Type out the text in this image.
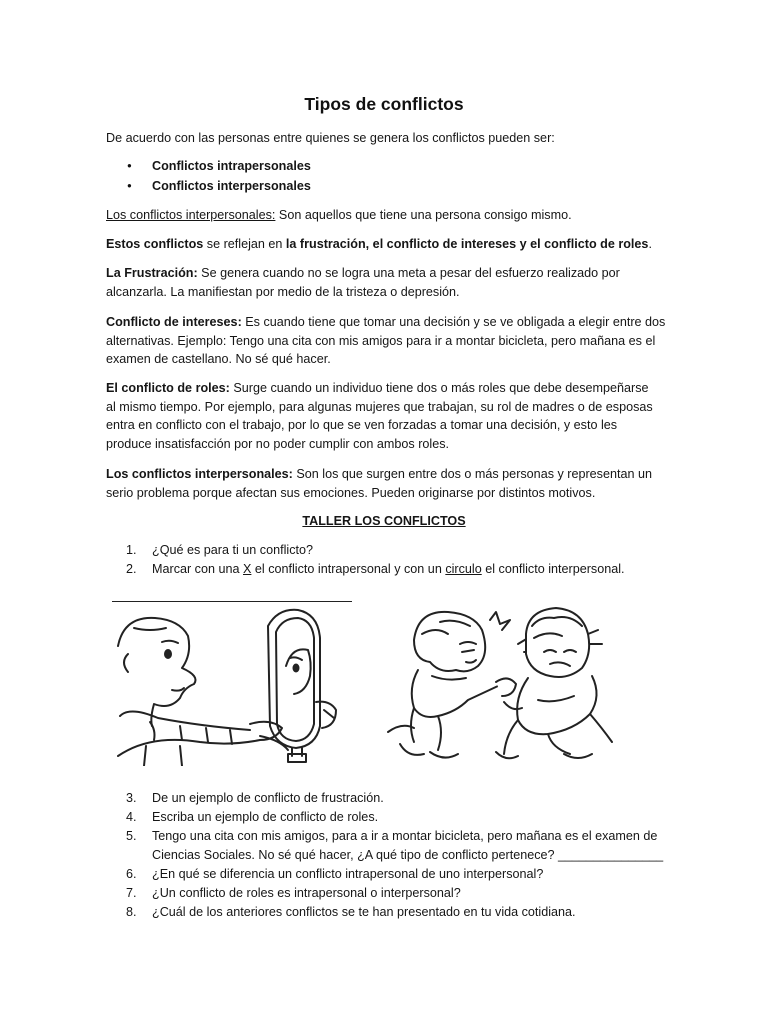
Tipos de conflictos
De acuerdo con las personas entre quienes se genera los conflictos pueden ser:
●
Conflictos intrapersonales
●
Conflictos interpersonales
Los conflictos interpersonales: Son aquellos que tiene una persona consigo mismo.
Estos conflictos se reflejan en la frustración, el conflicto de intereses y el conflicto de roles.
La Frustración: Se genera cuando no se logra una meta a pesar del esfuerzo realizado por alcanzarla. La manifiestan por medio de la tristeza o depresión.
Conflicto de intereses: Es cuando tiene que tomar una decisión y se ve obligada a elegir entre dos alternativas. Ejemplo: Tengo una cita con mis amigos para ir a montar bicicleta, pero mañana es el examen de castellano. No sé qué hacer.
El conflicto de roles: Surge cuando un individuo tiene dos o más roles que debe desempeñarse al mismo tiempo. Por ejemplo, para algunas mujeres que trabajan, su rol de madres o de esposas entra en conflicto con el trabajo, por lo que se ven forzadas a tomar una decisión, y esto les produce insatisfacción por no poder cumplir con ambos roles.
Los conflictos interpersonales: Son los que surgen entre dos o más personas y representan un serio problema porque afectan sus emociones. Pueden originarse por distintos motivos.
TALLER LOS CONFLICTOS
1. ¿Qué es para ti un conflicto?
2. Marcar con una X el conflicto intrapersonal y con un circulo el conflicto interpersonal.
3. De un ejemplo de conflicto de frustración.
4. Escriba un ejemplo de conflicto de roles.
5. Tengo una cita con mis amigos, para a ir a montar bicicleta, pero mañana es el examen de Ciencias Sociales. No sé qué hacer, ¿A qué tipo de conflicto pertenece? _______________
6. ¿En qué se diferencia un conflicto intrapersonal de uno interpersonal?
7. ¿Un conflicto de roles es intrapersonal o interpersonal?
8. ¿Cuál de los anteriores conflictos se te han presentado en tu vida cotidiana.
